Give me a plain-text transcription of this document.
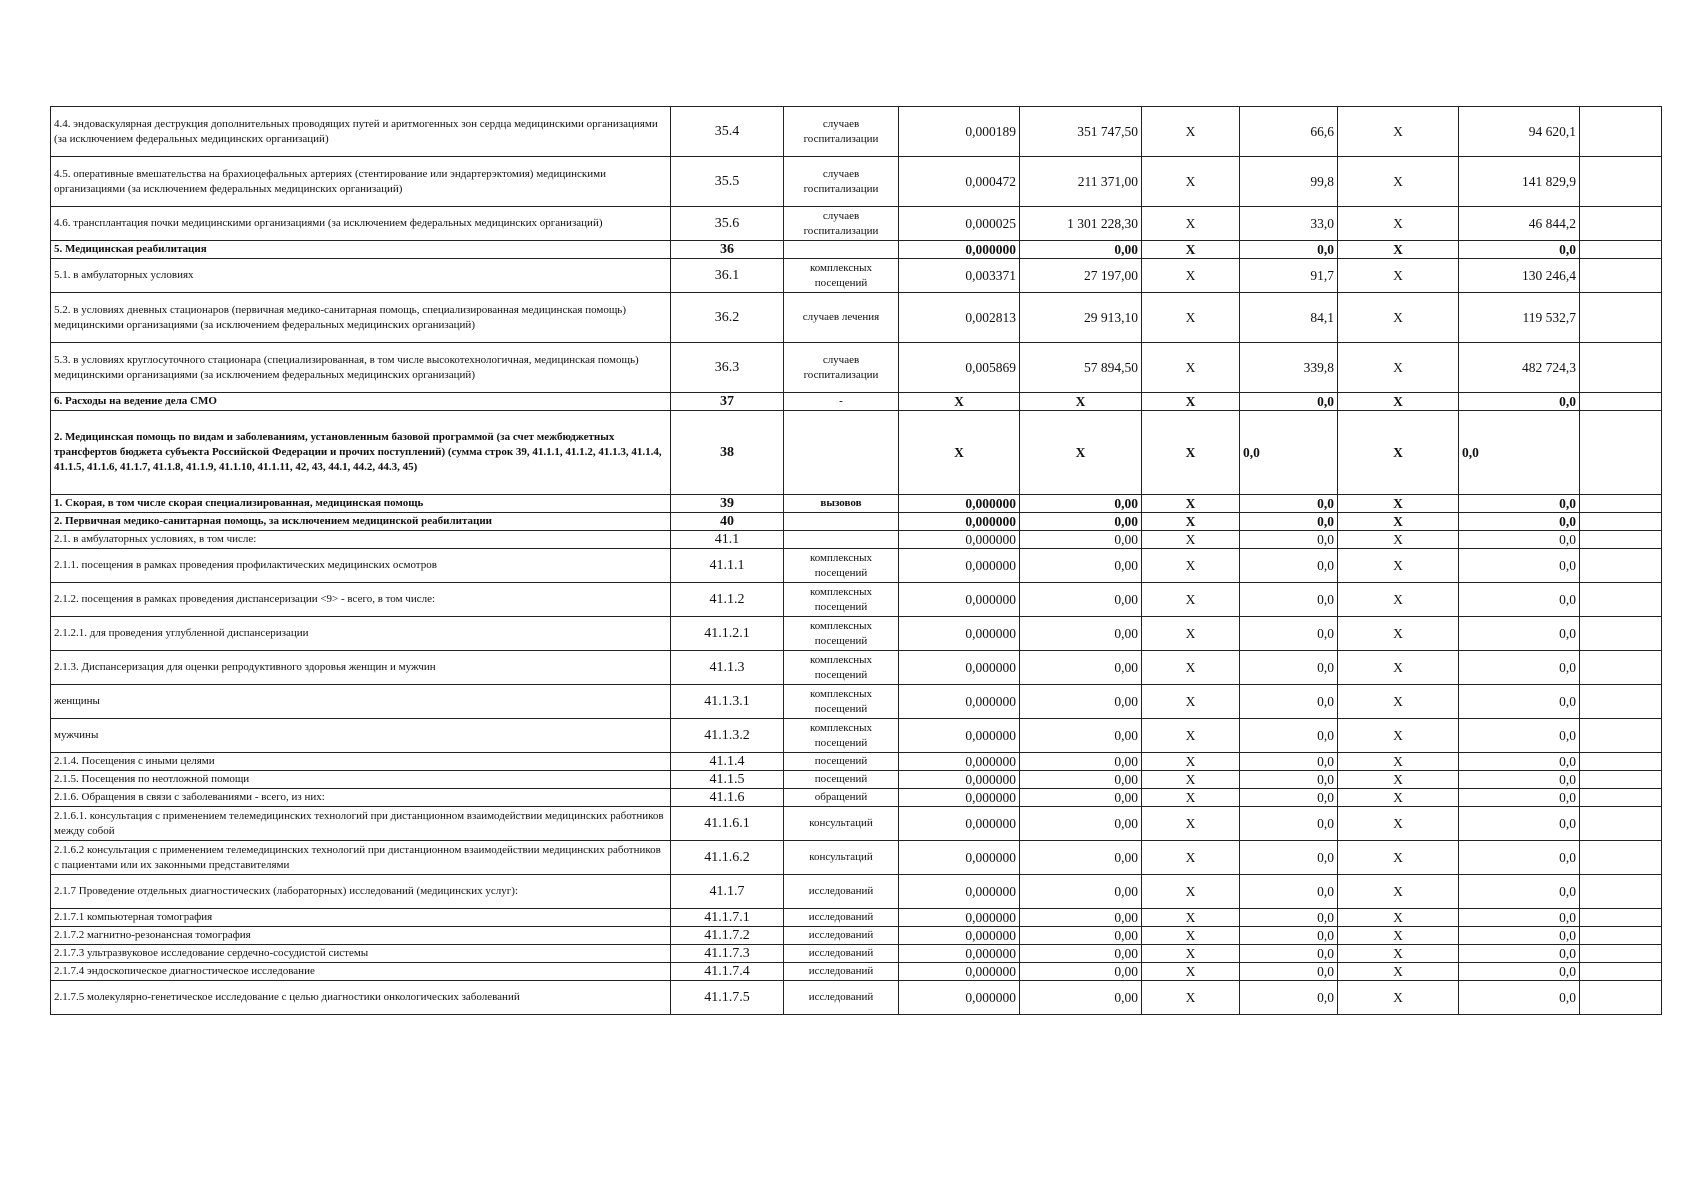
4.4. эндоваскулярная деструкция дополнительных проводящих путей и аритмогенных зон сердца медицинскими организациями (за исключением федеральных медицинских организаций)	35.4	случаев госпитализации	0,000189	351 747,50	X	66,6	X	94 620,1	
4.5. оперативные вмешательства на брахиоцефальных артериях (стентирование или эндартерэктомия) медицинскими организациями (за исключением федеральных медицинских организаций)	35.5	случаев госпитализации	0,000472	211 371,00	X	99,8	X	141 829,9	
4.6. трансплантация почки медицинскими организациями (за исключением федеральных медицинских организаций)	35.6	случаев госпитализации	0,000025	1 301 228,30	X	33,0	X	46 844,2	
5. Медицинская реабилитация	36		0,000000	0,00	X	0,0	X	0,0	
5.1. в амбулаторных условиях	36.1	комплексных посещений	0,003371	27 197,00	X	91,7	X	130 246,4	
5.2. в условиях дневных стационаров (первичная медико-санитарная помощь, специализированная медицинская помощь) медицинскими организациями (за исключением федеральных медицинских организаций)	36.2	случаев лечения	0,002813	29 913,10	X	84,1	X	119 532,7	
5.3. в условиях круглосуточного стационара (специализированная, в том числе высокотехнологичная, медицинская помощь) медицинскими организациями (за исключением федеральных медицинских организаций)	36.3	случаев госпитализации	0,005869	57 894,50	X	339,8	X	482 724,3	
6. Расходы на ведение дела СМО	37	-	X	X	X	0,0	X	0,0	
2. Медицинская помощь по видам и заболеваниям, установленным базовой программой (за счет межбюджетных трансфертов бюджета субъекта Российской Федерации и прочих поступлений) (сумма строк 39, 41.1.1, 41.1.2, 41.1.3, 41.1.4, 41.1.5, 41.1.6, 41.1.7, 41.1.8, 41.1.9, 41.1.10, 41.1.11, 42, 43, 44.1, 44.2, 44.3, 45)	38		X	X	X	0,0	X	0,0	
1. Скорая, в том числе скорая специализированная, медицинская помощь	39	вызовов	0,000000	0,00	X	0,0	X	0,0	
2. Первичная медико-санитарная помощь, за исключением медицинской реабилитации	40		0,000000	0,00	X	0,0	X	0,0	
2.1. в амбулаторных условиях, в том числе:	41.1		0,000000	0,00	X	0,0	X	0,0	
2.1.1. посещения в рамках проведения профилактических медицинских осмотров	41.1.1	комплексных посещений	0,000000	0,00	X	0,0	X	0,0	
2.1.2. посещения в рамках проведения диспансеризации <9> - всего, в том числе:	41.1.2	комплексных посещений	0,000000	0,00	X	0,0	X	0,0	
2.1.2.1. для проведения углубленной диспансеризации	41.1.2.1	комплексных посещений	0,000000	0,00	X	0,0	X	0,0	
2.1.3. Диспансеризация для оценки репродуктивного здоровья женщин и мужчин	41.1.3	комплексных посещений	0,000000	0,00	X	0,0	X	0,0	
женщины	41.1.3.1	комплексных посещений	0,000000	0,00	X	0,0	X	0,0	
мужчины	41.1.3.2	комплексных посещений	0,000000	0,00	X	0,0	X	0,0	
2.1.4. Посещения с иными целями	41.1.4	посещений	0,000000	0,00	X	0,0	X	0,0	
2.1.5. Посещения по неотложной помощи	41.1.5	посещений	0,000000	0,00	X	0,0	X	0,0	
2.1.6. Обращения в связи с заболеваниями - всего, из них:	41.1.6	обращений	0,000000	0,00	X	0,0	X	0,0	
2.1.6.1. консультация с применением телемедицинских технологий при дистанционном взаимодействии медицинских работников между собой	41.1.6.1	консультаций	0,000000	0,00	X	0,0	X	0,0	
2.1.6.2 консультация с применением телемедицинских технологий при дистанционном взаимодействии медицинских работников с пациентами или их законными представителями	41.1.6.2	консультаций	0,000000	0,00	X	0,0	X	0,0	
2.1.7 Проведение отдельных диагностических (лабораторных) исследований (медицинских услуг):	41.1.7	исследований	0,000000	0,00	X	0,0	X	0,0	
2.1.7.1 компьютерная томография	41.1.7.1	исследований	0,000000	0,00	X	0,0	X	0,0	
2.1.7.2 магнитно-резонансная томография	41.1.7.2	исследований	0,000000	0,00	X	0,0	X	0,0	
2.1.7.3 ультразвуковое исследование сердечно-сосудистой системы	41.1.7.3	исследований	0,000000	0,00	X	0,0	X	0,0	
2.1.7.4 эндоскопическое диагностическое исследование	41.1.7.4	исследований	0,000000	0,00	X	0,0	X	0,0	
2.1.7.5 молекулярно-генетическое исследование с целью диагностики онкологических заболеваний	41.1.7.5	исследований	0,000000	0,00	X	0,0	X	0,0	
